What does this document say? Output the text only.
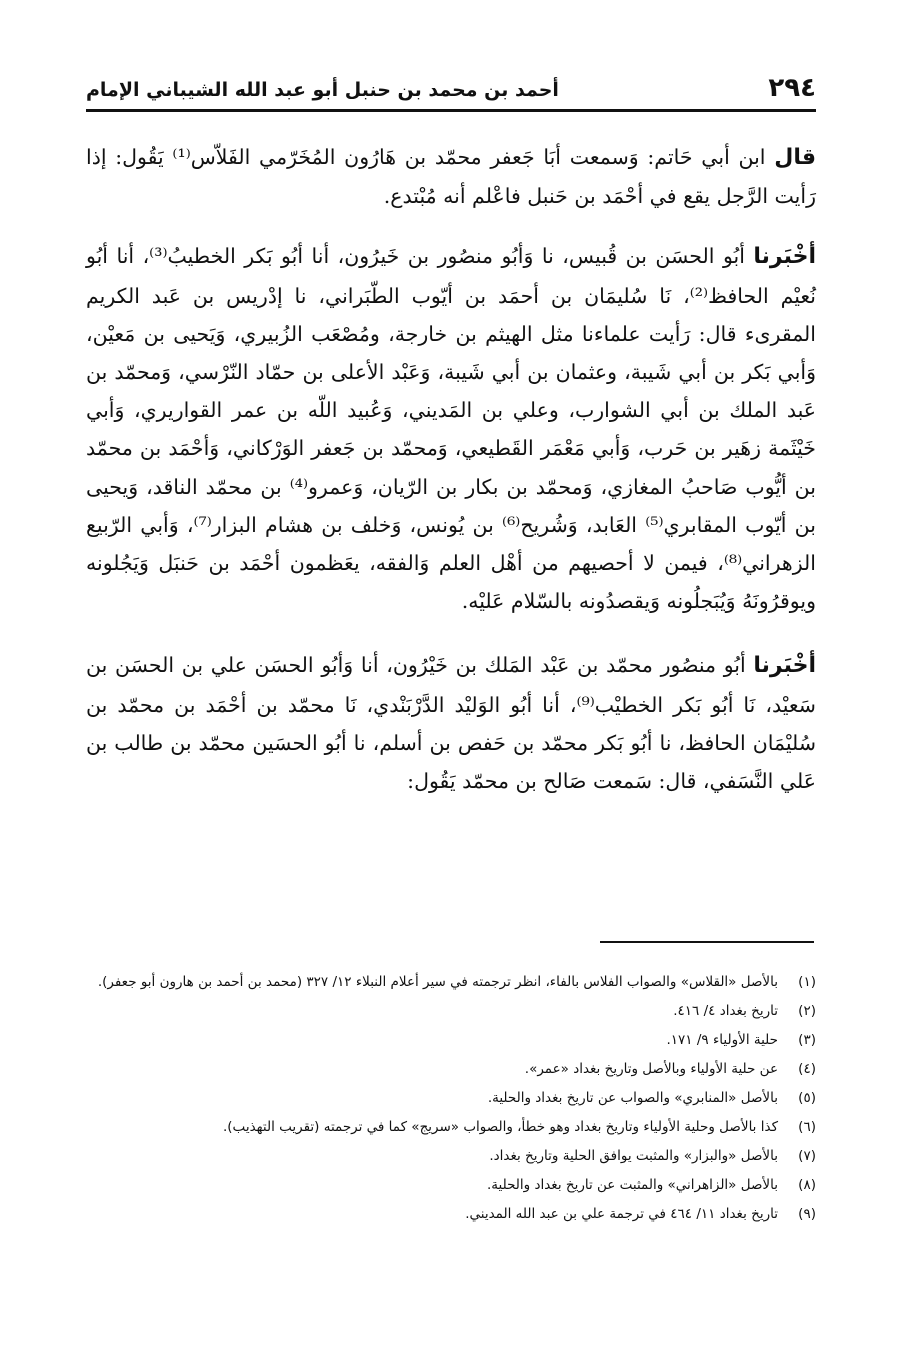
٢٩٤
أحمد بن محمد بن حنبل أبو عبد الله الشيباني الإمام

قال ابن أبي حَاتم: وَسمعت أبَا جَعفر محمّد بن هَارُون المُخَرّمي الفَلاّس⁽¹⁾ يَقُول: إذا رَأيت الرَّجل يقع في أحْمَد بن حَنبل فاعْلم أنه مُبْتدع.

أخْبَرنا أبُو الحسَن بن قُبيس، نا وَأبُو منصُور بن خَيرُون، أنا أبُو بَكر الخطيبُ⁽³⁾، أنا أبُو نُعيْم الحافظ⁽²⁾، نَا سُليمَان بن أحمَد بن أيّوب الطّبَراني، نا إدْريس بن عَبد الكريم المقرىء قال: رَأيت علماءنا مثل الهيثم بن خارجة، ومُصْعَب الزُبيري، وَيَحيى بن مَعيْن، وَأبي بَكر بن أبي شَيبة، وعثمان بن أبي شَيبة، وَعَبْد الأعلى بن حمّاد النّرْسي، وَمحمّد بن عَبد الملك بن أبي الشوارب، وعلي بن المَديني، وَعُبيد اللّه بن عمر القواريري، وَأبي خَيْثَمة زهَير بن حَرب، وَأبي مَعْمَر القَطيعي، وَمحمّد بن جَعفر الوَرْكاني، وَأحْمَد بن محمّد بن أيُّوب صَاحبُ المغازي، وَمحمّد بن بكار بن الرّيان، وَعمرو⁽⁴⁾ بن محمّد الناقد، وَيحيى بن أيّوب المقابري⁽⁵⁾ العَابد، وَشُريح⁽⁶⁾ بن يُونس، وَخلف بن هشام البزار⁽⁷⁾، وَأبي الرّبيع الزهراني⁽⁸⁾، فيمن لا أحصيهم من أهْل العلم وَالفقه، يعَظمون أحْمَد بن حَنبَل وَيَجُلونه ويوقرُونَهُ وَيُبَجلُونه وَيقصدُونه بالسّلام عَليْه.

أخْبَرنا أبُو منصُور محمّد بن عَبْد المَلك بن خَيْرُون، أنا وَأبُو الحسَن علي بن الحسَن بن سَعيْد، نَا أبُو بَكر الخطيْب⁽⁹⁾، أنا أبُو الوَليْد الدَّرْبَنْدي، نَا محمّد بن أحْمَد بن محمّد بن سُليْمَان الحافظ، نا أبُو بَكر محمّد بن حَفص بن أسلم، نا أبُو الحسَين محمّد بن طالب بن عَلي النَّسَفي، قال: سَمعت صَالح بن محمّد يَقُول:

(١)
بالأصل «القلاس» والصواب الفلاس بالفاء، انظر ترجمته في سير أعلام النبلاء ١٢/ ٣٢٧ (محمد بن أحمد بن هارون أبو جعفر).
(٢)
تاريخ بغداد ٤/ ٤١٦.
(٣)
حلية الأولياء ٩/ ١٧١.
(٤)
عن حلية الأولياء وبالأصل وتاريخ بغداد «عمر».
(٥)
بالأصل «المنابري» والصواب عن تاريخ بغداد والحلية.
(٦)
كذا بالأصل وحلية الأولياء وتاريخ بغداد وهو خطأ، والصواب «سريج» كما في ترجمته (تقريب التهذيب).
(٧)
بالأصل «والبزار» والمثبت يوافق الحلية وتاريخ بغداد.
(٨)
بالأصل «الزاهراني» والمثبت عن تاريخ بغداد والحلية.
(٩)
تاريخ بغداد ١١/ ٤٦٤ في ترجمة علي بن عبد الله المديني.
